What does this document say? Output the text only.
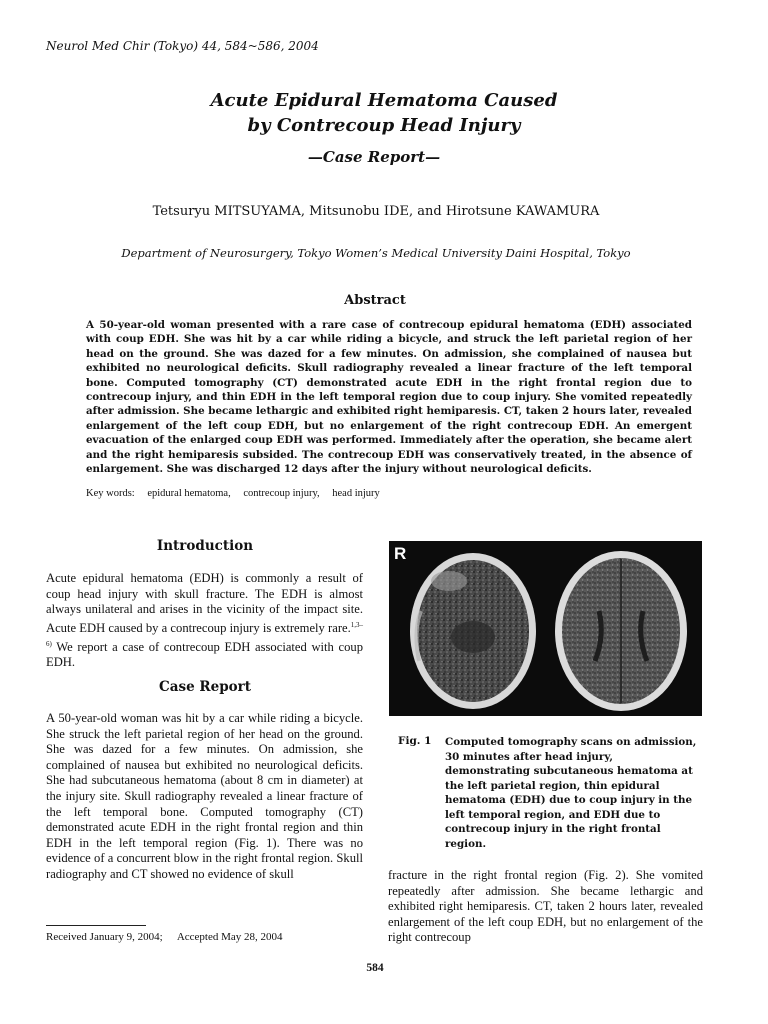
Neurol Med Chir (Tokyo) 44, 584~586, 2004
Acute Epidural Hematoma Caused
by Contrecoup Head Injury
—Case Report—
Tetsuryu MITSUYAMA, Mitsunobu IDE, and Hirotsune KAWAMURA
Department of Neurosurgery, Tokyo Women’s Medical University Daini Hospital, Tokyo
Abstract
A 50-year-old woman presented with a rare case of contrecoup epidural hematoma (EDH) associated with coup EDH. She was hit by a car while riding a bicycle, and struck the left parietal region of her head on the ground. She was dazed for a few minutes. On admission, she complained of nausea but exhibited no neurological deficits. Skull radiography revealed a linear fracture of the left temporal bone. Computed tomography (CT) demonstrated acute EDH in the right frontal region due to contrecoup injury, and thin EDH in the left temporal region due to coup injury. She vomited repeatedly after admission. She became lethargic and exhibited right hemiparesis. CT, taken 2 hours later, revealed enlargement of the left coup EDH, but no enlargement of the right contrecoup EDH. An emergent evacuation of the enlarged coup EDH was performed. Immediately after the operation, she became alert and the right hemiparesis subsided. The contrecoup EDH was conservatively treated, in the absence of enlargement. She was discharged 12 days after the injury without neurological deficits.
Key words: epidural hematoma, contrecoup injury, head injury
Introduction
Acute epidural hematoma (EDH) is commonly a result of coup head injury with skull fracture. The EDH is almost always unilateral and arises in the vicinity of the impact site. Acute EDH caused by a contrecoup injury is extremely rare.$^{1,3-6)}$ We report a case of contrecoup EDH associated with coup EDH.
Case Report
A 50-year-old woman was hit by a car while riding a bicycle. She struck the left parietal region of her head on the ground. She was dazed for a few minutes. On admission, she complained of nausea but exhibited no neurological deficits. She had subcutaneous hematoma (about 8 cm in diameter) at the injury site. Skull radiography revealed a linear fracture of the left temporal bone. Computed tomography (CT) demonstrated acute EDH in the right frontal region and thin EDH in the left temporal region (Fig. 1). There was no evidence of a concurrent blow in the right frontal region. Skull radiography and CT showed no evidence of skull
R
Fig. 1 Computed tomography scans on admission, 30 minutes after head injury, demonstrating subcutaneous hematoma at the left parietal region, thin epidural hematoma (EDH) due to coup injury in the left temporal region, and EDH due to contrecoup injury in the right frontal region.
fracture in the right frontal region (Fig. 2). She vomited repeatedly after admission. She became lethargic and exhibited right hemiparesis. CT, taken 2 hours later, revealed enlargement of the left coup EDH, but no enlargement of the right contrecoup
Received January 9, 2004; Accepted May 28, 2004
584
